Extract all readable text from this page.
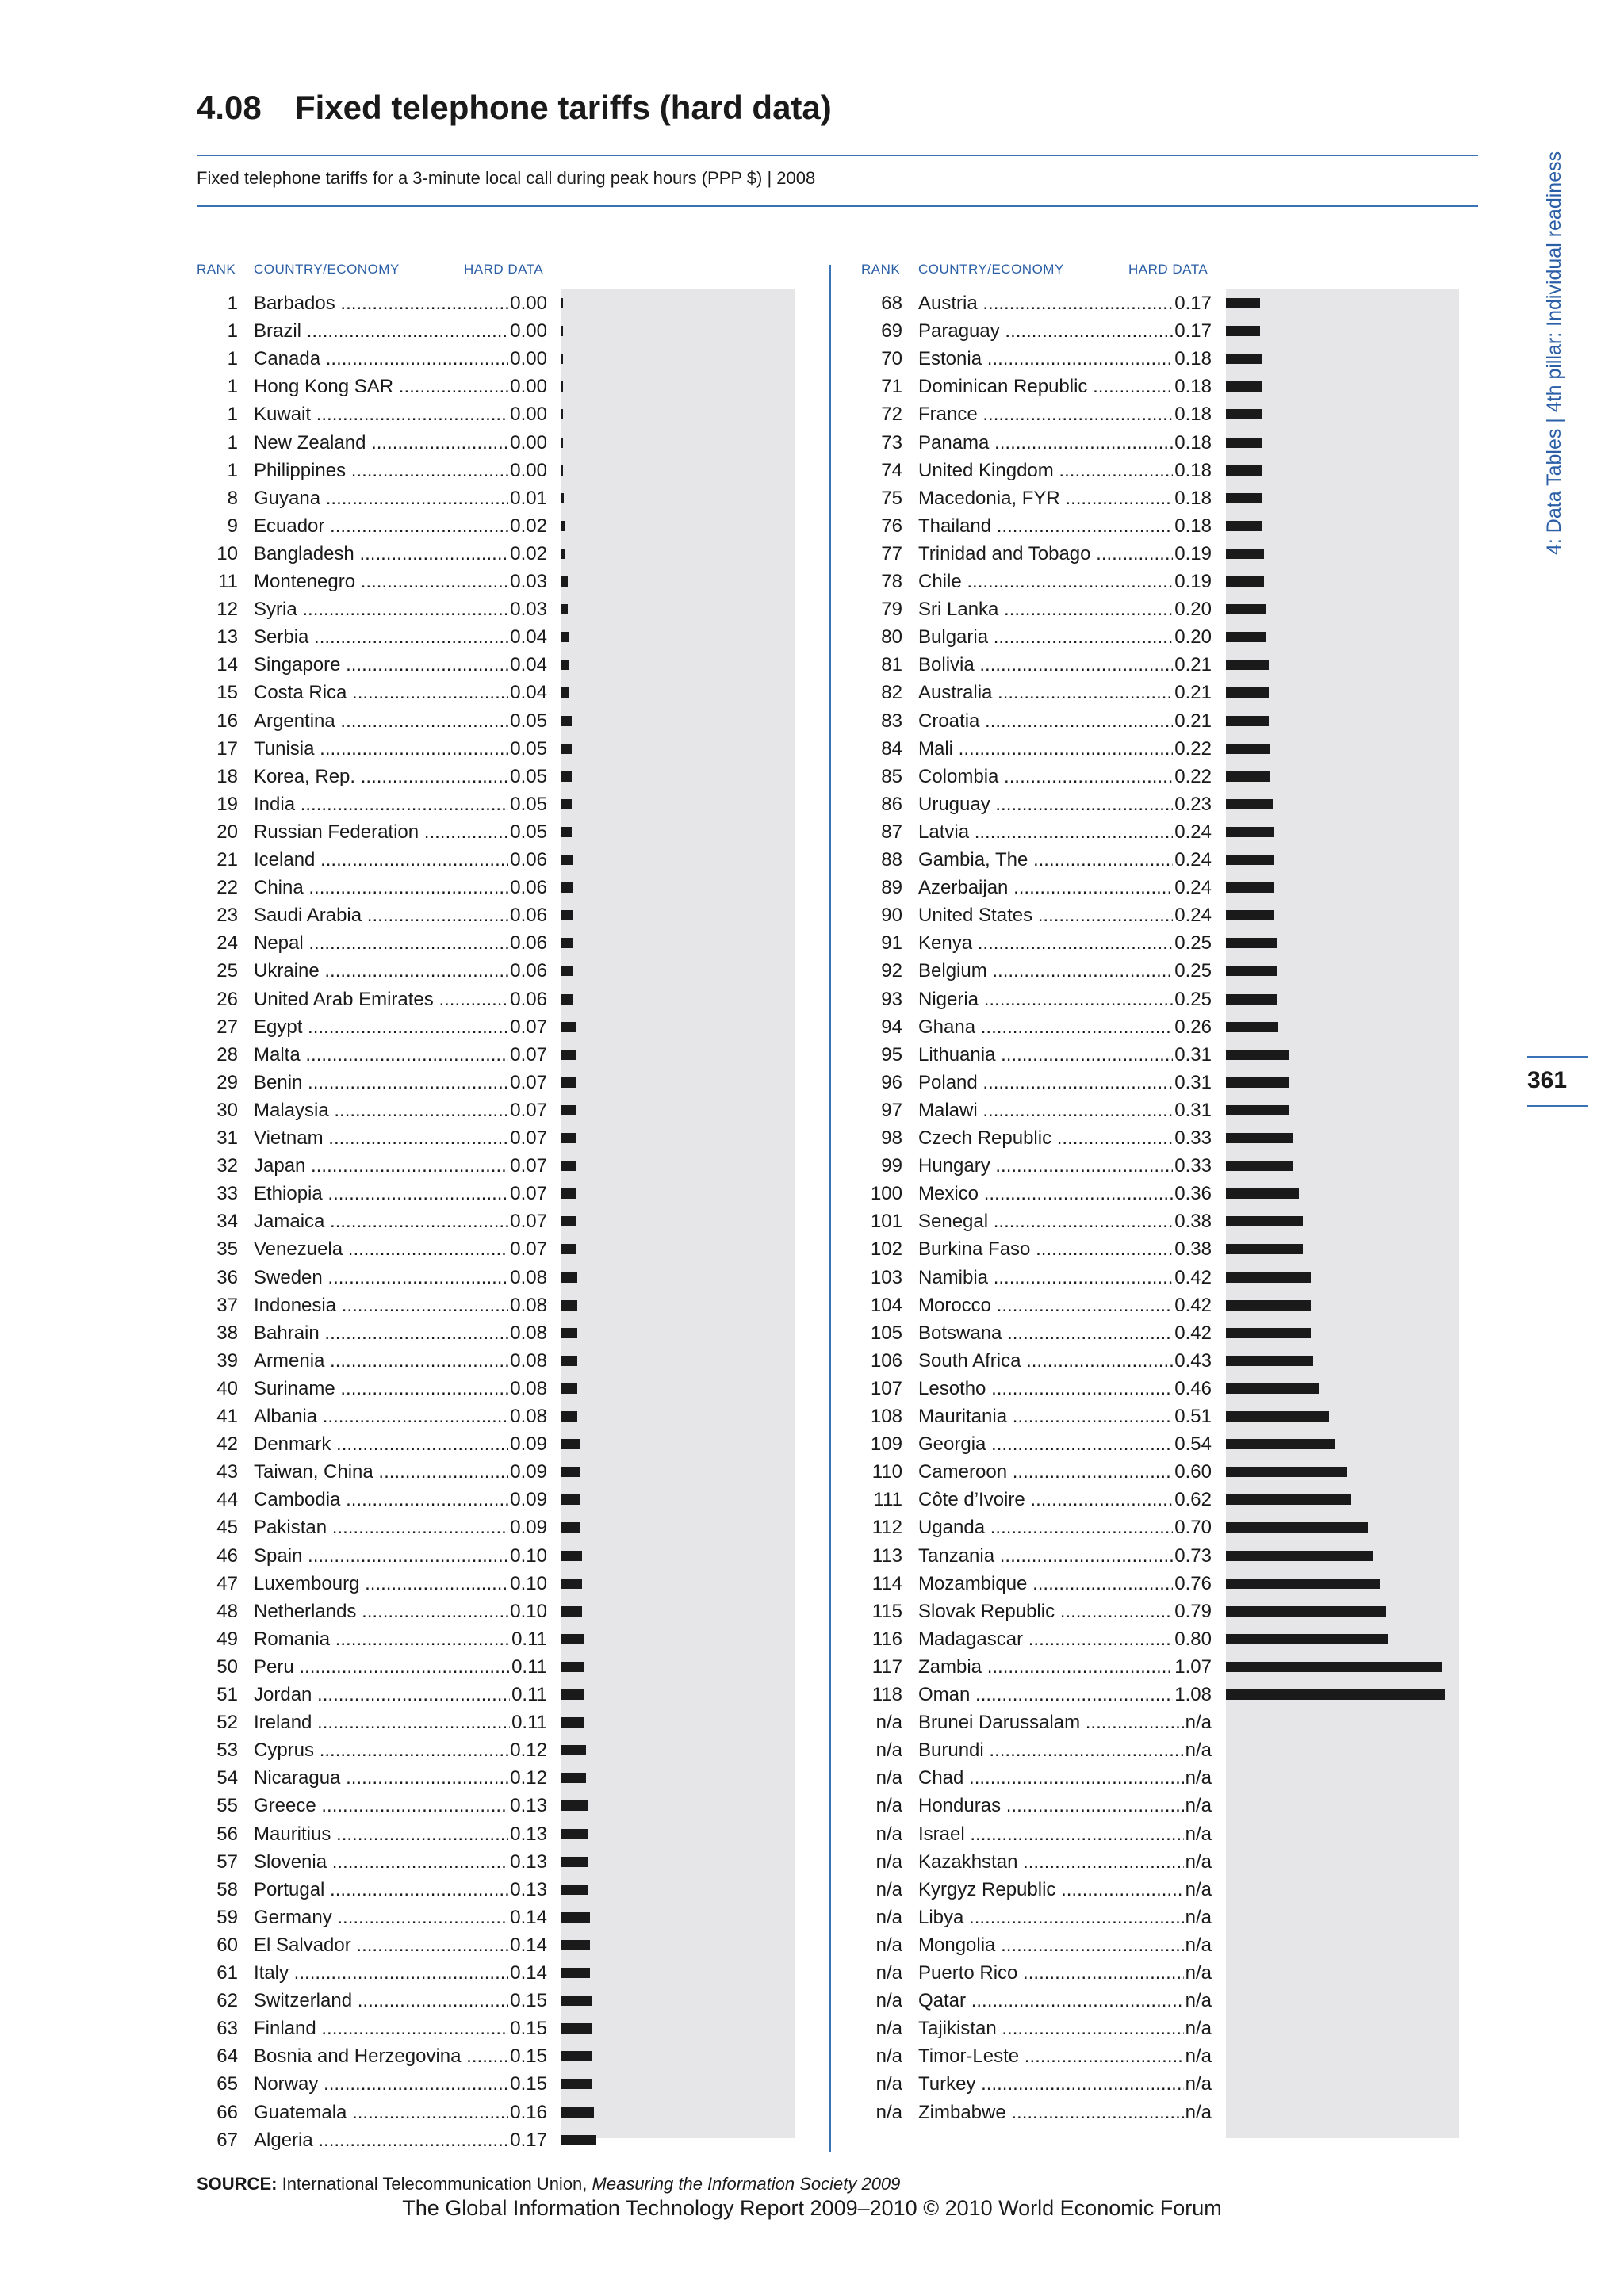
4.08 Fixed telephone tariffs (hard data)
Fixed telephone tariffs for a 3-minute local call during peak hours (PPP $) | 2008
RANK COUNTRY/ECONOMY	HARD DATA	RANK COUNTRY/ECONOMY	HARD DATA
1 Barbados .....	0.00
1 Brazil .....	0.00
1 Canada .....	0.00
1 Hong Kong SAR .....	0.00
1 Kuwait .....	0.00
1 New Zealand .....	0.00
1 Philippines .....	0.00
8 Guyana .....	0.01
9 Ecuador .....	0.02
10 Bangladesh .....	0.02
11 Montenegro .....	0.03
12 Syria .....	0.03
13 Serbia .....	0.04
14 Singapore .....	0.04
15 Costa Rica .....	0.04
16 Argentina .....	0.05
17 Tunisia .....	0.05
18 Korea, Rep. .....	0.05
19 India .....	0.05
20 Russian Federation .....	0.05
21 Iceland .....	0.06
22 China .....	0.06
23 Saudi Arabia .....	0.06
24 Nepal .....	0.06
25 Ukraine .....	0.06
26 United Arab Emirates .....	0.06
27 Egypt .....	0.07
28 Malta .....	0.07
29 Benin .....	0.07
30 Malaysia .....	0.07
31 Vietnam .....	0.07
32 Japan .....	0.07
33 Ethiopia .....	0.07
34 Jamaica .....	0.07
35 Venezuela .....	0.07
36 Sweden .....	0.08
37 Indonesia .....	0.08
38 Bahrain .....	0.08
39 Armenia .....	0.08
40 Suriname .....	0.08
41 Albania .....	0.08
42 Denmark .....	0.09
43 Taiwan, China .....	0.09
44 Cambodia .....	0.09
45 Pakistan .....	0.09
46 Spain .....	0.10
47 Luxembourg .....	0.10
48 Netherlands .....	0.10
49 Romania .....	0.11
50 Peru .....	0.11
51 Jordan .....	0.11
52 Ireland .....	0.11
53 Cyprus .....	0.12
54 Nicaragua .....	0.12
55 Greece .....	0.13
56 Mauritius .....	0.13
57 Slovenia .....	0.13
58 Portugal .....	0.13
59 Germany .....	0.14
60 El Salvador .....	0.14
61 Italy .....	0.14
62 Switzerland .....	0.15
63 Finland .....	0.15
64 Bosnia and Herzegovina .....	0.15
65 Norway .....	0.15
66 Guatemala .....	0.16
67 Algeria .....	0.17
68 Austria .....	0.17
69 Paraguay .....	0.17
70 Estonia .....	0.18
71 Dominican Republic .....	0.18
72 France .....	0.18
73 Panama .....	0.18
74 United Kingdom .....	0.18
75 Macedonia, FYR .....	0.18
76 Thailand .....	0.18
77 Trinidad and Tobago .....	0.19
78 Chile .....	0.19
79 Sri Lanka .....	0.20
80 Bulgaria .....	0.20
81 Bolivia .....	0.21
82 Australia .....	0.21
83 Croatia .....	0.21
84 Mali .....	0.22
85 Colombia .....	0.22
86 Uruguay .....	0.23
87 Latvia .....	0.24
88 Gambia, The .....	0.24
89 Azerbaijan .....	0.24
90 United States .....	0.24
91 Kenya .....	0.25
92 Belgium .....	0.25
93 Nigeria .....	0.25
94 Ghana .....	0.26
95 Lithuania .....	0.31
96 Poland .....	0.31
97 Malawi .....	0.31
98 Czech Republic .....	0.33
99 Hungary .....	0.33
100 Mexico .....	0.36
101 Senegal .....	0.38
102 Burkina Faso .....	0.38
103 Namibia .....	0.42
104 Morocco .....	0.42
105 Botswana .....	0.42
106 South Africa .....	0.43
107 Lesotho .....	0.46
108 Mauritania .....	0.51
109 Georgia .....	0.54
110 Cameroon .....	0.60
111 Côte d’Ivoire .....	0.62
112 Uganda .....	0.70
113 Tanzania .....	0.73
114 Mozambique .....	0.76
115 Slovak Republic .....	0.79
116 Madagascar .....	0.80
117 Zambia .....	1.07
118 Oman .....	1.08
n/a Brunei Darussalam .....	n/a
n/a Burundi .....	n/a
n/a Chad .....	n/a
n/a Honduras .....	n/a
n/a Israel .....	n/a
n/a Kazakhstan .....	n/a
n/a Kyrgyz Republic .....	n/a
n/a Libya .....	n/a
n/a Mongolia .....	n/a
n/a Puerto Rico .....	n/a
n/a Qatar .....	n/a
n/a Tajikistan .....	n/a
n/a Timor-Leste .....	n/a
n/a Turkey .....	n/a
n/a Zimbabwe .....	n/a
4: Data Tables | 4th pillar: Individual readiness
361
SOURCE: International Telecommunication Union, Measuring the Information Society 2009
The Global Information Technology Report 2009–2010 © 2010 World Economic Forum
